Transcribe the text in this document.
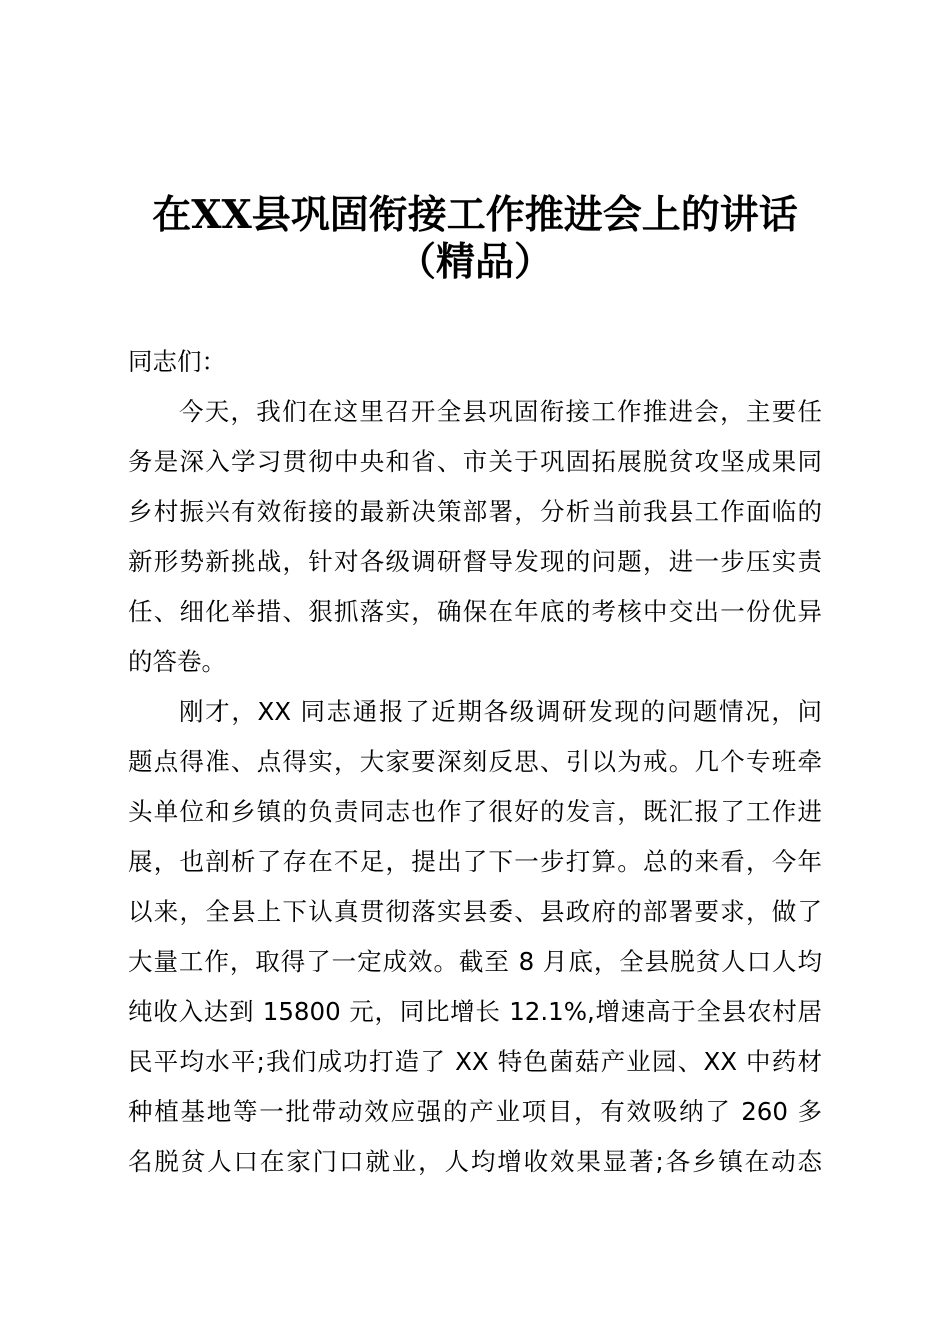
在XX县巩固衔接工作推进会上的讲话
（精品）
同志们：
今天，我们在这里召开全县巩固衔接工作推进会，主要任
务是深入学习贯彻中央和省、市关于巩固拓展脱贫攻坚成果同
乡村振兴有效衔接的最新决策部署，分析当前我县工作面临的
新形势新挑战，针对各级调研督导发现的问题，进一步压实责
任、细化举措、狠抓落实，确保在年底的考核中交出一份优异
的答卷。
刚才，XX 同志通报了近期各级调研发现的问题情况，问
题点得准、点得实，大家要深刻反思、引以为戒。几个专班牵
头单位和乡镇的负责同志也作了很好的发言，既汇报了工作进
展，也剖析了存在不足，提出了下一步打算。总的来看，今年
以来，全县上下认真贯彻落实县委、县政府的部署要求，做了
大量工作，取得了一定成效。截至 8 月底，全县脱贫人口人均
纯收入达到 15800 元，同比增长 12.1%,增速高于全县农村居
民平均水平;我们成功打造了 XX 特色菌菇产业园、XX 中药材
种植基地等一批带动效应强的产业项目，有效吸纳了 260 多
名脱贫人口在家门口就业，人均增收效果显著;各乡镇在动态
